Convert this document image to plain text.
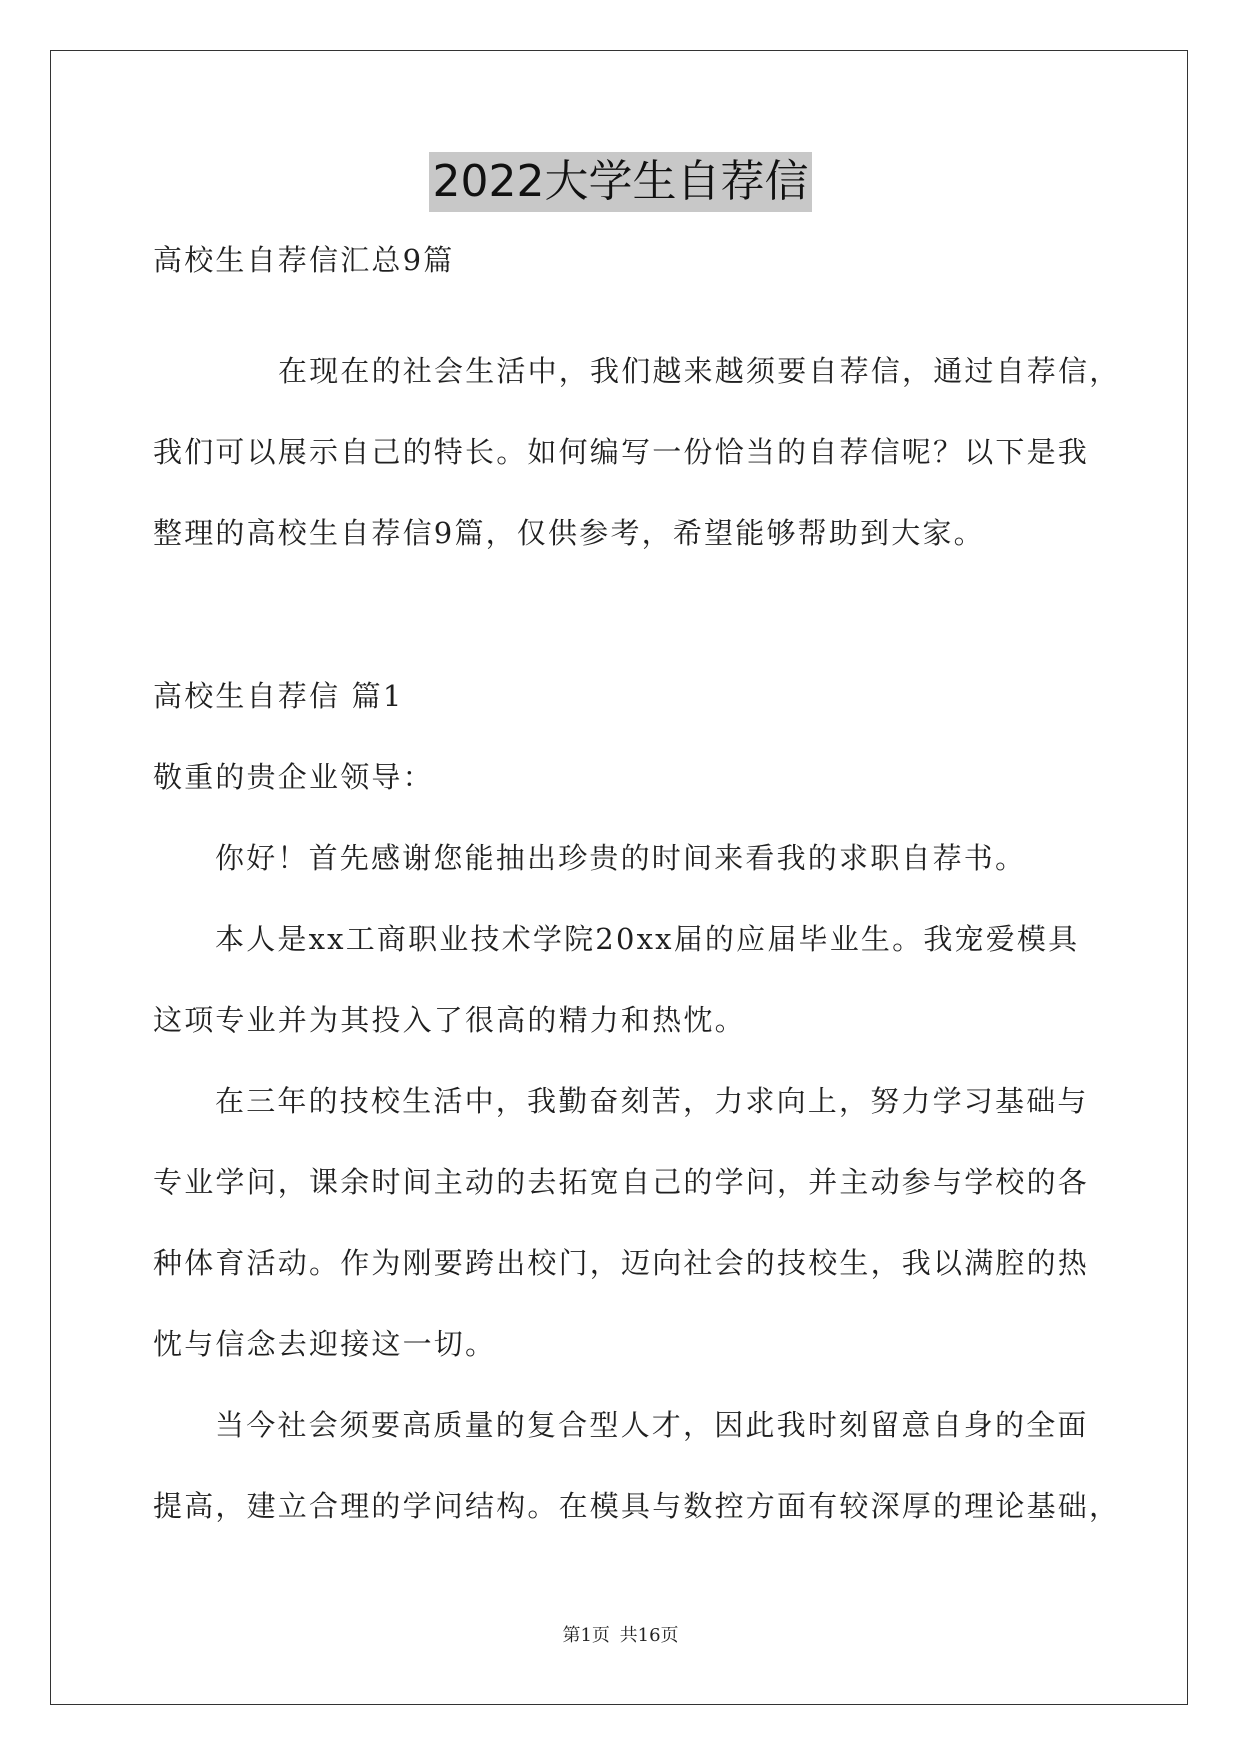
2022大学生自荐信
高校生自荐信汇总9篇
在现在的社会生活中，我们越来越须要自荐信，通过自荐信，
我们可以展示自己的特长。如何编写一份恰当的自荐信呢？以下是我
整理的高校生自荐信9篇，仅供参考，希望能够帮助到大家。
高校生自荐信 篇1
敬重的贵企业领导：
你好！首先感谢您能抽出珍贵的时间来看我的求职自荐书。
本人是xx工商职业技术学院20xx届的应届毕业生。我宠爱模具
这项专业并为其投入了很高的精力和热忱。
在三年的技校生活中，我勤奋刻苦，力求向上，努力学习基础与
专业学问，课余时间主动的去拓宽自己的学问，并主动参与学校的各
种体育活动。作为刚要跨出校门，迈向社会的技校生，我以满腔的热
忱与信念去迎接这一切。
当今社会须要高质量的复合型人才，因此我时刻留意自身的全面
提高，建立合理的学问结构。在模具与数控方面有较深厚的理论基础，
第1页 共16页
